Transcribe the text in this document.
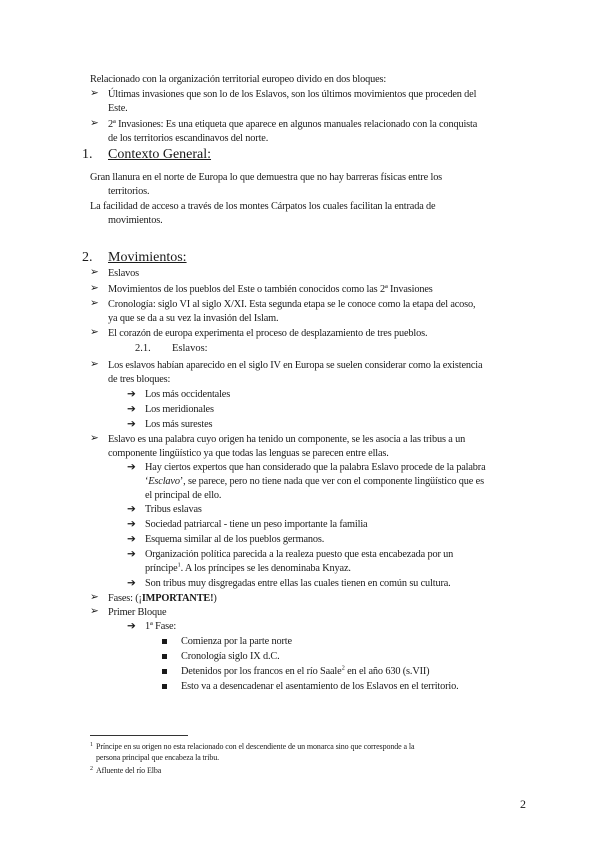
Relacionado con la organización territorial europeo divido en dos bloques:
➢ Últimas invasiones que son lo de los Eslavos, son los últimos movimientos que proceden del
Este.
➢ 2ª Invasiones: Es una etiqueta que aparece en algunos manuales relacionado con la conquista
de los territorios escandinavos del norte.
1. Contexto General:
Gran llanura en el norte de Europa lo que demuestra que no hay barreras físicas entre los
territorios.
La facilidad de acceso a través de los montes Cárpatos los cuales facilitan la entrada de
movimientos.
2. Movimientos:
➢ Eslavos
➢ Movimientos de los pueblos del Este o también conocidos como las 2ª Invasiones
➢ Cronología: siglo VI al siglo X/XI. Esta segunda etapa se le conoce como la etapa del acoso,
ya que se da a su vez la invasión del Islam.
➢ El corazón de europa experimenta el proceso de desplazamiento de tres pueblos.
2.1. Eslavos:
➢ Los eslavos habían aparecido en el siglo IV en Europa se suelen considerar como la existencia
de tres bloques:
➔ Los más occidentales
➔ Los meridionales
➔ Los más surestes
➢ Eslavo es una palabra cuyo origen ha tenido un componente, se les asocia a las tribus a un
componente lingüístico ya que todas las lenguas se parecen entre ellas.
➔ Hay ciertos expertos que han considerado que la palabra Eslavo procede de la palabra
‘Esclavo’, se parece, pero no tiene nada que ver con el componente lingüístico que es
el principal de ello.
➔ Tribus eslavas
➔ Sociedad patriarcal - tiene un peso importante la familia
➔ Esquema similar al de los pueblos germanos.
➔ Organización política parecida a la realeza puesto que esta encabezada por un
príncipe$^1$. A los príncipes se les denominaba Knyaz.
➔ Son tribus muy disgregadas entre ellas las cuales tienen en común su cultura.
➢ Fases: (¡IMPORTANTE!)
➢ Primer Bloque
➔ 1ª Fase:
Comienza por la parte norte
Cronología siglo IX d.C.
Detenidos por los francos en el río Saale$^2$ en el año 630 (s.VII)
Esto va a desencadenar el asentamiento de los Eslavos en el territorio.
1 Príncipe en su origen no esta relacionado con el descendiente de un monarca sino que corresponde a la
persona principal que encabeza la tribu.
2 Afluente del río Elba
2
